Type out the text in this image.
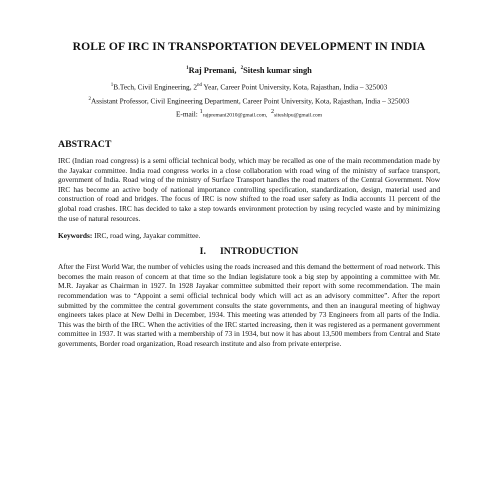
ROLE OF IRC IN TRANSPORTATION DEVELOPMENT IN INDIA
$^1$Raj Premani, $^2$Sitesh kumar singh
$^1$B.Tech, Civil Engineering, 2nd Year, Career Point University, Kota, Rajasthan, India – 325003
$^2$Assistant Professor, Civil Engineering Department, Career Point University, Kota, Rajasthan, India – 325003
E-mail: $^1$rajpremani2010@gmail.com,  $^2$siteshlpu@gmail.com
ABSTRACT

IRC (Indian road congress) is a semi official technical body, which may be recalled as one of the main recommendation made by the Jayakar committee. India road congress works in a close collaboration with road wing of the ministry of surface transport, government of India. Road wing of the ministry of Surface Transport handles the road matters of the Central Government. Now IRC has become an active body of national importance controlling specification, standardization, design, material used and construction of road and bridges. The focus of IRC is now shifted to the road user safety as India accounts 11 percent of the global road crashes. IRC has decided to take a step towards environment protection by using recycled waste and by minimizing the use of natural resources.

Keywords: IRC, road wing, Jayakar committee.
I. INTRODUCTION

After the First World War, the number of vehicles using the roads increased and this demand the betterment of road network. This becomes the main reason of concern at that time so the Indian legislature took a big step by appointing a committee with Mr. M.R. Jayakar as Chairman in 1927. In 1928 Jayakar committee submitted their report with some recommendation. The main recommendation was to “Appoint a semi official technical body which will act as an advisory committee”. After the report submitted by the committee the central government consults the state governments, and then an inaugural meeting of highway engineers takes place at New Delhi in December, 1934. This meeting was attended by 73 Engineers from all parts of the India. This was the birth of the IRC. When the activities of the IRC started increasing, then it was registered as a permanent government committee in 1937. It was started with a membership of 73 in 1934, but now it has about 13,500 members from Central and State governments, Border road organization, Road research institute and also from private enterprise.
